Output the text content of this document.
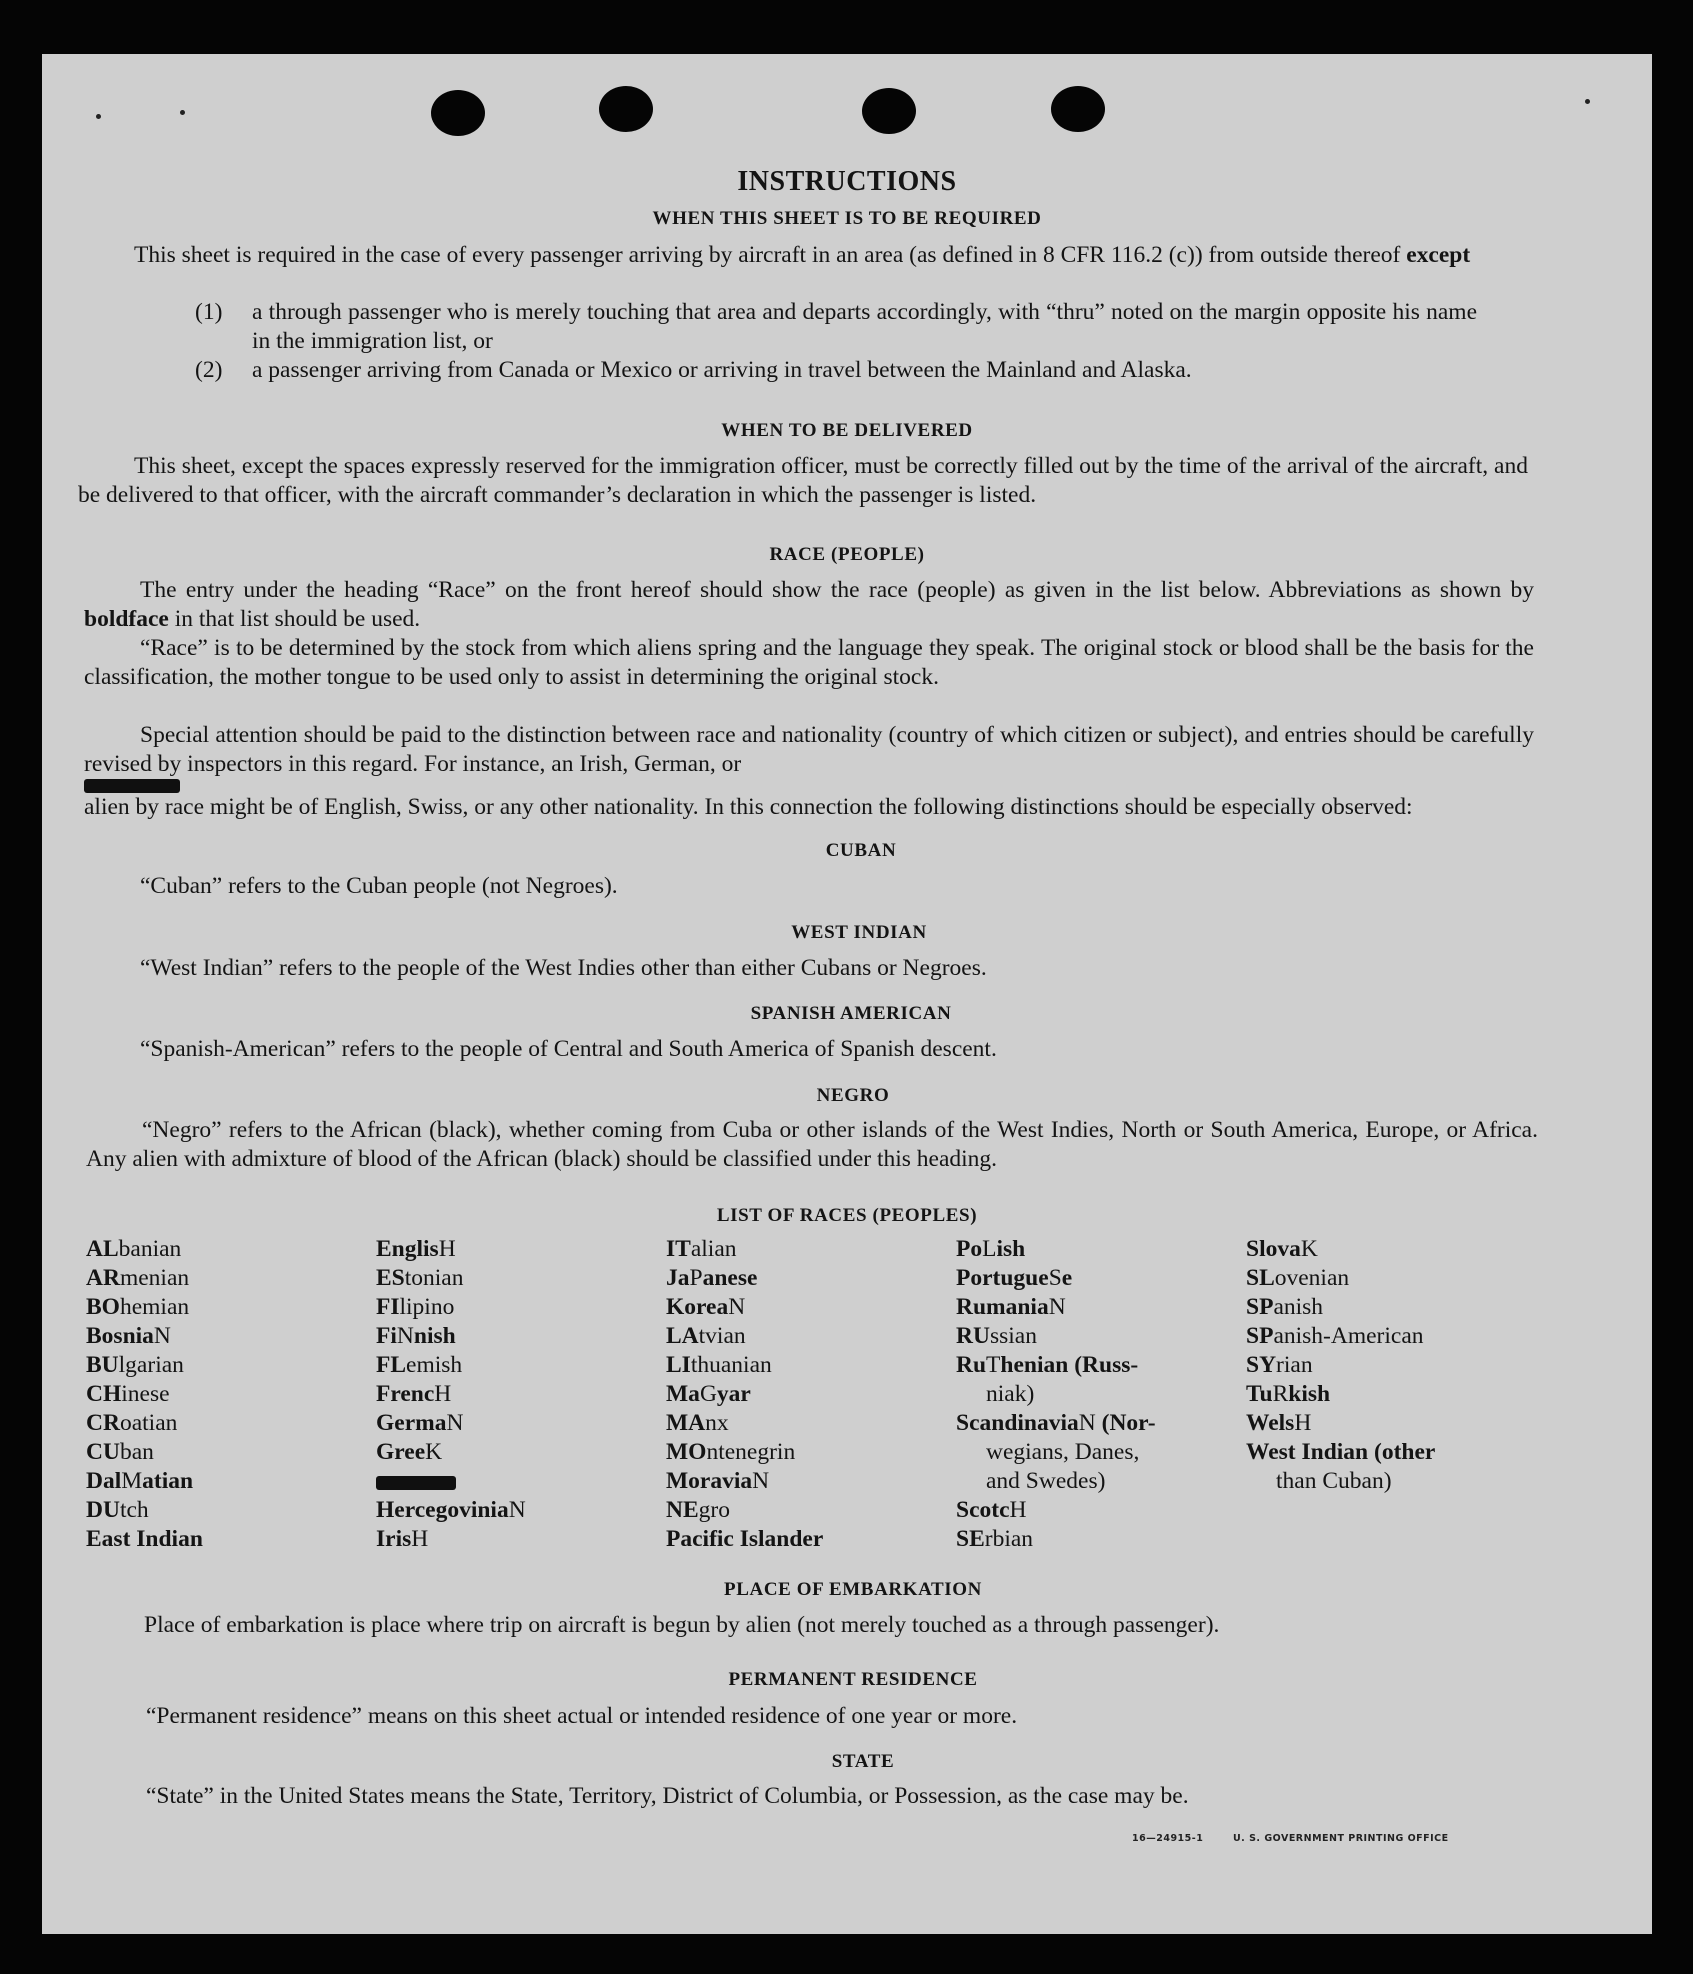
INSTRUCTIONS
WHEN THIS SHEET IS TO BE REQUIRED
This sheet is required in the case of every passenger arriving by aircraft in an area (as defined in 8 CFR 116.2 (c)) from outside thereof except
(1) a through passenger who is merely touching that area and departs accordingly, with “thru” noted on the margin opposite his name in the immigration list, or
(2) a passenger arriving from Canada or Mexico or arriving in travel between the Mainland and Alaska.
WHEN TO BE DELIVERED
This sheet, except the spaces expressly reserved for the immigration officer, must be correctly filled out by the time of the arrival of the aircraft, and be delivered to that officer, with the aircraft commander’s declaration in which the passenger is listed.
RACE (PEOPLE)
The entry under the heading “Race” on the front hereof should show the race (people) as given in the list below. Abbreviations as shown by boldface in that list should be used.
“Race” is to be determined by the stock from which aliens spring and the language they speak. The original stock or blood shall be the basis for the classification, the mother tongue to be used only to assist in determining the original stock.
Special attention should be paid to the distinction between race and nationality (country of which citizen or subject), and entries should be carefully revised by inspectors in this regard. For instance, an Irish, German, or
alien by race might be of English, Swiss, or any other nationality. In this connection the following distinctions should be especially observed:
CUBAN
“Cuban” refers to the Cuban people (not Negroes).
WEST INDIAN
“West Indian” refers to the people of the West Indies other than either Cubans or Negroes.
SPANISH AMERICAN
“Spanish-American” refers to the people of Central and South America of Spanish descent.
NEGRO
“Negro” refers to the African (black), whether coming from Cuba or other islands of the West Indies, North or South America, Europe, or Africa. Any alien with admixture of blood of the African (black) should be classified under this heading.
LIST OF RACES (PEOPLES)
ALbanian
ARmenian
BOhemian
BosniaN
BUlgarian
CHinese
CRoatian
CUban
DalMatian
DUtch
East Indian
EnglisH
EStonian
FIlipino
FiNnish
FLemish
FrencH
GermaN
GreeK
HercegoviniaN
IrisH
ITalian
JaPanese
KoreaN
LAtvian
LIthuanian
MaGyar
MAnx
MOntenegrin
MoraviaN
NEgro
Pacific Islander
PoLish
PortugueSe
RumaniaN
RUssian
RuThenian (Russ-
niak)
ScandinaviaN (Nor-
wegians, Danes,
and Swedes)
ScotcH
SErbian
SlovaK
SLovenian
SPanish
SPanish-American
SYrian
TuRkish
WelsH
West Indian (other
than Cuban)
PLACE OF EMBARKATION
Place of embarkation is place where trip on aircraft is begun by alien (not merely touched as a through passenger).
PERMANENT RESIDENCE
“Permanent residence” means on this sheet actual or intended residence of one year or more.
STATE
“State” in the United States means the State, Territory, District of Columbia, or Possession, as the case may be.
16—24915-1	U. S. GOVERNMENT PRINTING OFFICE
